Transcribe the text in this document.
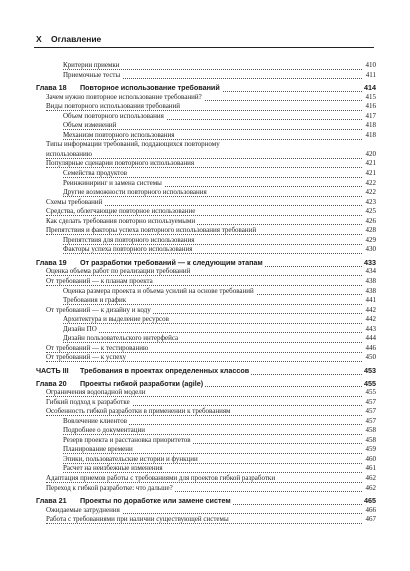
X Оглавление
Критерии приемки	410
Приемочные тесты	411
Глава 18 Повторное использование требований	414
Зачем нужно повторное использование требований?	415
Виды повторного использования требований	416
Объем повторного использования	417
Объем изменений	418
Механизм повторного использования	418
Типы информации требований, поддающихся повторному
использованию	420
Популярные сценарии повторного использования	421
Семейства продуктов	421
Реинжиниринг и замена системы	422
Другие возможности повторного использования	422
Схемы требований	423
Средства, облегчающие повторное использование	425
Как сделать требования повторно используемыми	426
Препятствия и факторы успеха повторного использования требований	428
Препятствия для повторного использования	429
Факторы успеха повторного использования	430
Глава 19 От разработки требований — к следующим этапам	433
Оценка объема работ по реализации требований	434
От требований — к планам проекта	438
Оценка размера проекта и объема усилий на основе требований	438
Требования и график	441
От требований — к дизайну и коду	442
Архитектура и выделение ресурсов	442
Дизайн ПО	443
Дизайн пользовательского интерфейса	444
От требований — к тестированию	446
От требований — к успеху	450
ЧАСТЬ III Требования в проектах определенных классов	453
Глава 20 Проекты гибкой разработки (agile)	455
Ограничения водопадной модели	455
Гибкий подход к разработке	457
Особенность гибкой разработки в применении к требованиям	457
Вовлечение клиентов	457
Подробнее о документации	458
Резерв проекта и расстановка приоритетов	458
Планирование времени	459
Эпики, пользовательские истории и функции	460
Расчет на неизбежные изменения	461
Адаптация приемов работы с требованиями для проектов гибкой разработки	462
Переход к гибкой разработке: что дальше?	462
Глава 21 Проекты по доработке или замене систем	465
Ожидаемые затруднения	466
Работа с требованиями при наличии существующей системы	467
